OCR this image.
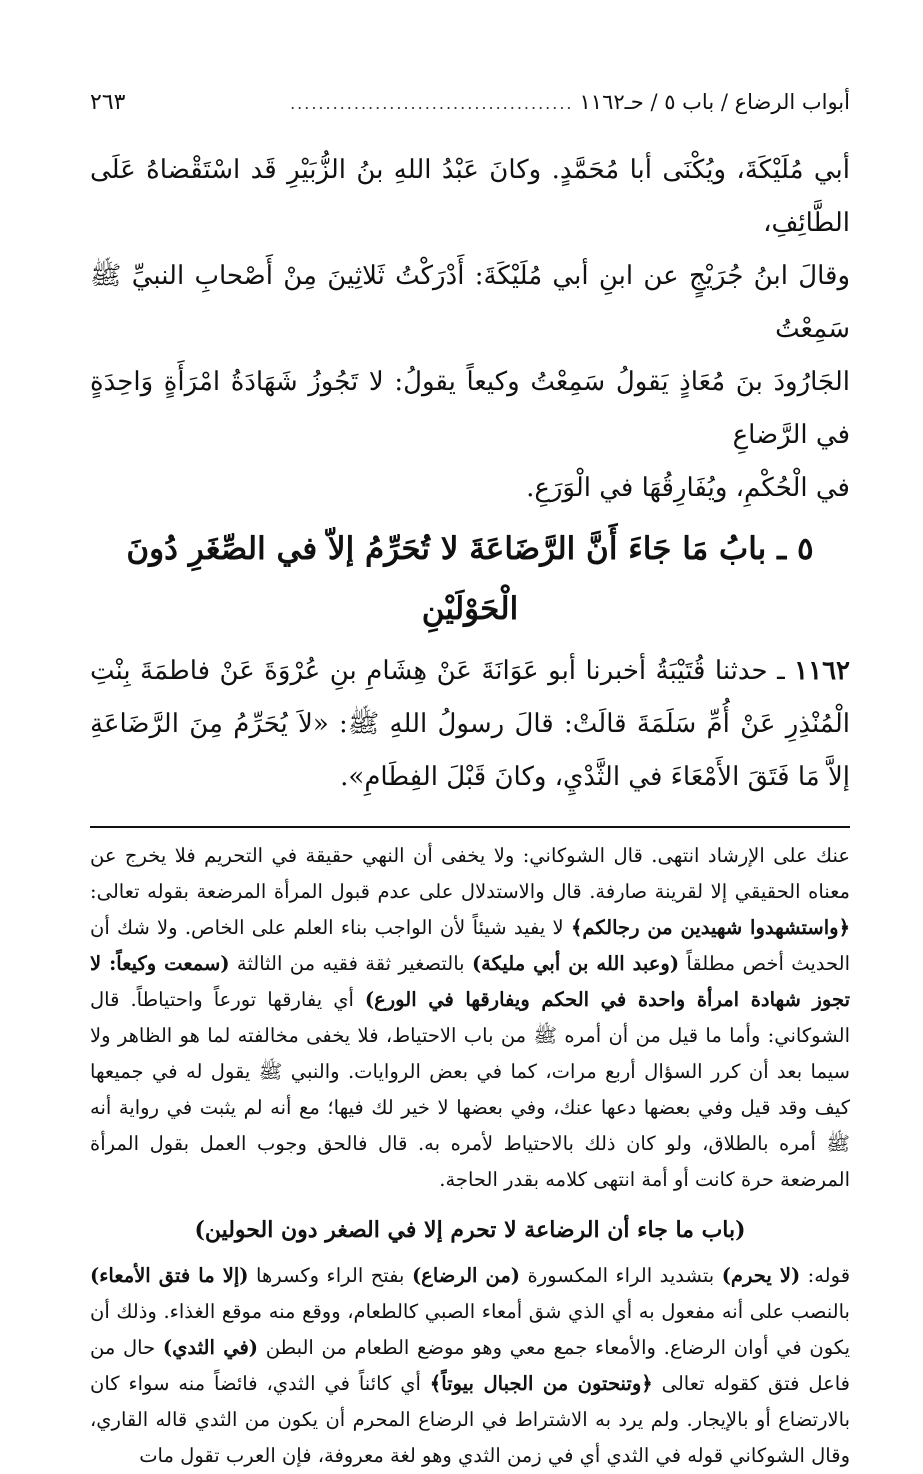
أبواب الرضاع / باب ٥ / حـ١١٦٢
........................................
٢٦٣
أبي مُلَيْكَةَ، ويُكْنَى أبا مُحَمَّدٍ. وكانَ عَبْدُ اللهِ بنُ الزُّبَيْرِ قَد اسْتَقْضاهُ عَلَى الطَّائِفِ،
وقالَ ابنُ جُرَيْجٍ عن ابنِ أبي مُلَيْكَةَ: أَدْرَكْتُ ثَلاثِينَ مِنْ أَصْحابِ النبيِّ ﷺ سَمِعْتُ
الجَارُودَ بنَ مُعَاذٍ يَقولُ سَمِعْتُ وكيعاً يقولُ: لا تَجُوزُ شَهَادَةُ امْرَأَةٍ وَاحِدَةٍ في الرَّضاعِ
في الْحُكْمِ، ويُفَارِقُهَا في الْوَرَعِ.
٥ ـ بابُ مَا جَاءَ أَنَّ الرَّضَاعَةَ لا تُحَرِّمُ إلاّ في الصِّغَرِ دُونَ الْحَوْلَيْنِ
١١٦٢ ـ حدثنا قُتَيْبَةُ أخبرنا أبو عَوَانَةَ عَنْ هِشَامِ بنِ عُرْوَةَ عَنْ فاطمَةَ بِنْتِ الْمُنْذِرِ عَنْ أُمِّ سَلَمَةَ قالَتْ: قالَ رسولُ اللهِ ﷺ: «لاَ يُحَرِّمُ مِنَ الرَّضَاعَةِ إلاَّ مَا فَتَقَ الأَمْعَاءَ في الثَّدْيِ، وكانَ قَبْلَ الفِطَامِ».

عنك على الإرشاد انتهى. قال الشوكاني: ولا يخفى أن النهي حقيقة في التحريم فلا يخرج عن معناه الحقيقي إلا لقرينة صارفة. قال والاستدلال على عدم قبول المرأة المرضعة بقوله تعالى: ﴿واستشهدوا شهيدين من رجالكم﴾ لا يفيد شيئاً لأن الواجب بناء العلم على الخاص. ولا شك أن الحديث أخص مطلقاً (وعبد الله بن أبي مليكة) بالتصغير ثقة فقيه من الثالثة (سمعت وكيعاً: لا تجوز شهادة امرأة واحدة في الحكم ويفارقها في الورع) أي يفارقها تورعاً واحتياطاً. قال الشوكاني: وأما ما قيل من أن أمره ﷺ من باب الاحتياط، فلا يخفى مخالفته لما هو الظاهر ولا سيما بعد أن كرر السؤال أربع مرات، كما في بعض الروايات. والنبي ﷺ يقول له في جميعها كيف وقد قيل وفي بعضها دعها عنك، وفي بعضها لا خير لك فيها؛ مع أنه لم يثبت في رواية أنه ﷺ أمره بالطلاق، ولو كان ذلك بالاحتياط لأمره به. قال فالحق وجوب العمل بقول المرأة المرضعة حرة كانت أو أمة انتهى كلامه بقدر الحاجة.

(باب ما جاء أن الرضاعة لا تحرم إلا في الصغر دون الحولين)

قوله: (لا يحرم) بتشديد الراء المكسورة (من الرضاع) بفتح الراء وكسرها (إلا ما فتق الأمعاء) بالنصب على أنه مفعول به أي الذي شق أمعاء الصبي كالطعام، ووقع منه موقع الغذاء. وذلك أن يكون في أوان الرضاع. والأمعاء جمع معي وهو موضع الطعام من البطن (في الثدي) حال من فاعل فتق كقوله تعالى ﴿وتنحتون من الجبال بيوتاً﴾ أي كائناً في الثدي، فائضاً منه سواء كان بالارتضاع أو بالإيجار. ولم يرد به الاشتراط في الرضاع المحرم أن يكون من الثدي قاله القاري، وقال الشوكاني قوله في الثدي أي في زمن الثدي وهو لغة معروفة، فإن العرب تقول مات
